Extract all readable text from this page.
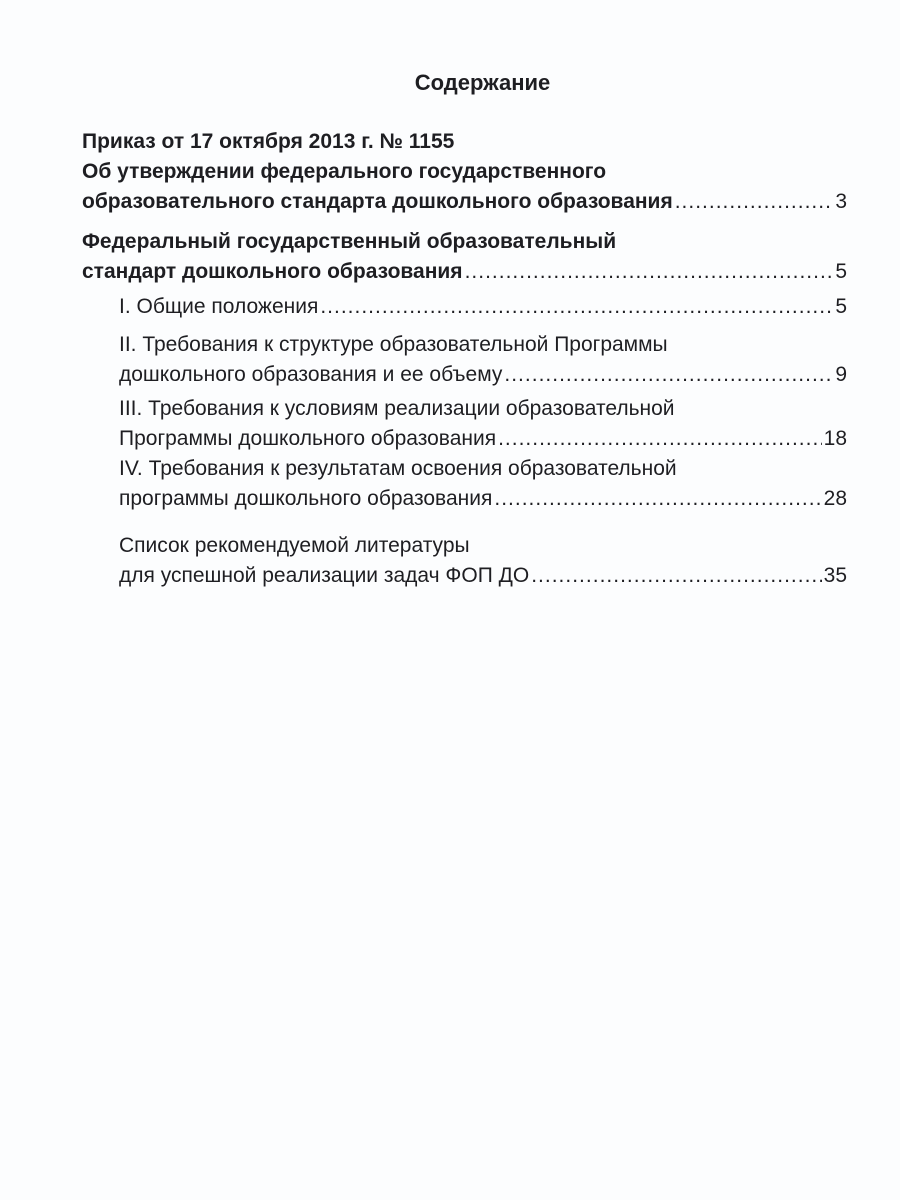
Содержание
Приказ от 17 октября 2013 г. № 1155
Об утверждении федерального государственного
образовательного стандарта дошкольного образования .....	3
Федеральный государственный образовательный
стандарт дошкольного образования .....	5
I. Общие положения .....	5
II. Требования к структуре образовательной Программы
дошкольного образования и ее объему .....	9
III. Требования к условиям реализации образовательной
Программы дошкольного образования .....	18
IV. Требования к результатам освоения образовательной
программы дошкольного образования .....	28
Список рекомендуемой литературы
для успешной реализации задач ФОП ДО .....	35
